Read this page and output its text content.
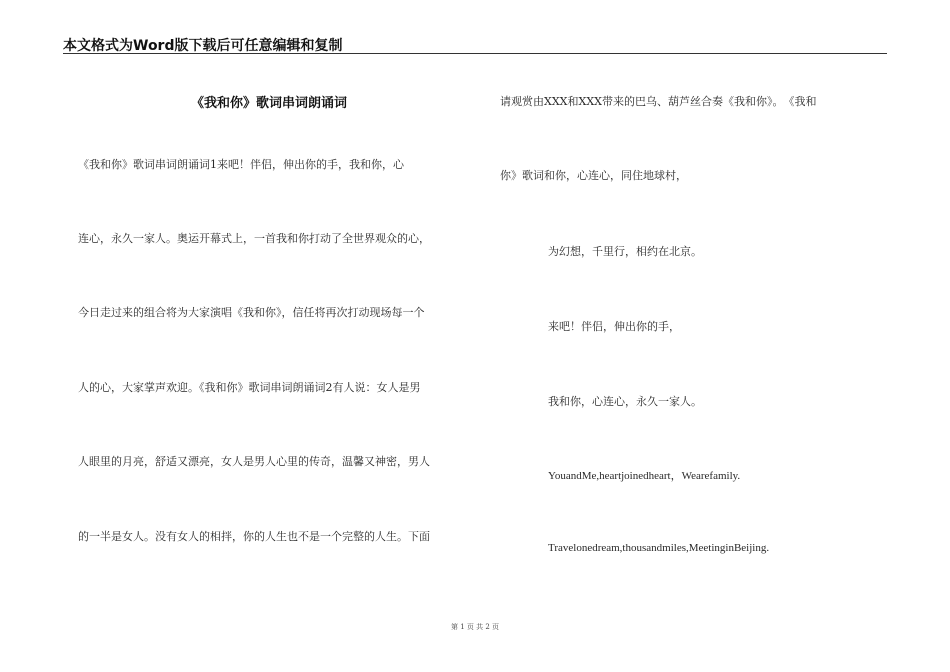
本文格式为Word版下载后可任意编辑和复制
《我和你》歌词串词朗诵词
《我和你》歌词串词朗诵词1来吧！伴侣，伸出你的手，我和你，心
连心，永久一家人。奥运开幕式上，一首我和你打动了全世界观众的心，
今日走过来的组合将为大家演唱《我和你》，信任将再次打动现场每一个
人的心，大家掌声欢迎。《我和你》歌词串词朗诵词2有人说：女人是男
人眼里的月亮，舒适又漂亮，女人是男人心里的传奇，温馨又神密，男人
的一半是女人。没有女人的相拌，你的人生也不是一个完整的人生。下面
请观赏由XXX和XXX带来的巴乌、葫芦丝合奏《我和你》。　《我和
你》歌词和你，心连心，同住地球村，
为幻想，千里行，相约在北京。
来吧！伴侣，伸出你的手，
我和你，心连心，永久一家人。
YouandMe,heartjoinedheart，Wearefamily.
Travelonedream,thousandmiles,MeetinginBeijing.
第 1 页 共 2 页
